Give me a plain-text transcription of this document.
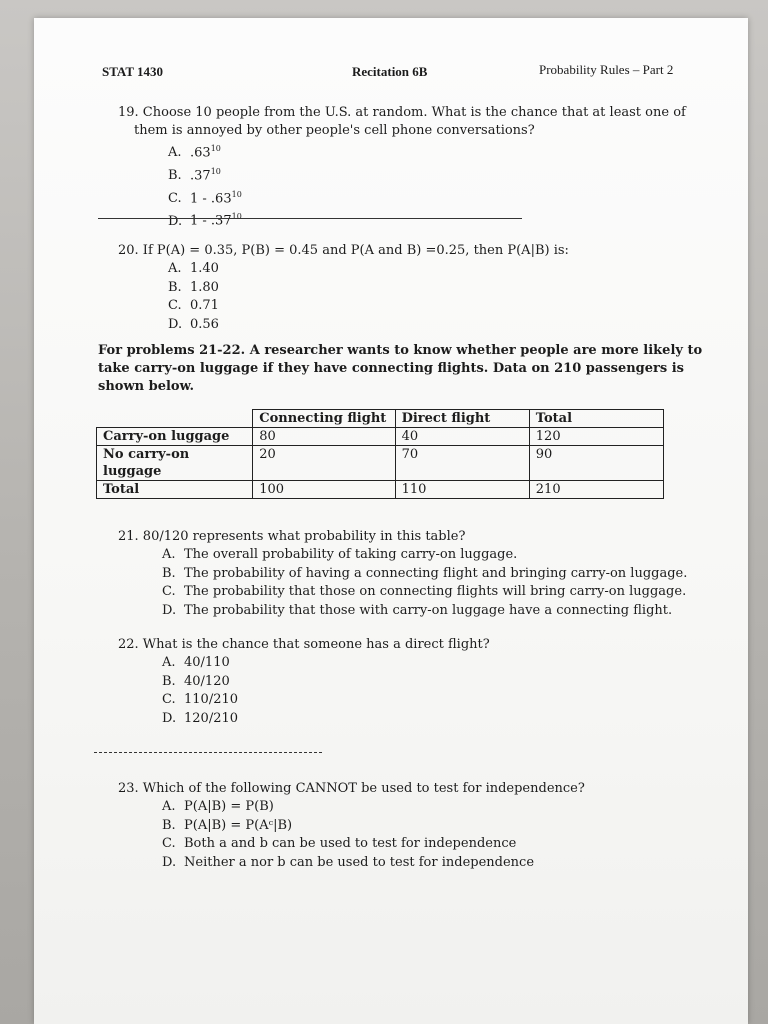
STAT 1430	Recitation 6B	Probability Rules – Part 2
19. Choose 10 people from the U.S. at random. What is the chance that at least one of
them is annoyed by other people's cell phone conversations?
A. $.63^{10}$
B. $.37^{10}$
C. $1 - .63^{10}$
D. $1 - .37^{10}$
20. If P(A) = 0.35, P(B) = 0.45 and P(A and B) =0.25, then P(A|B) is:
A. 1.40
B. 1.80
C. 0.71
D. 0.56
For problems 21-22. A researcher wants to know whether people are more likely to
take carry-on luggage if they have connecting flights. Data on 210 passengers is
shown below.
	Connecting flight	Direct flight	Total
Carry-on luggage	80	40	120
No carry-on
luggage	20	70	90
Total	100	110	210
21. 80/120 represents what probability in this table?
A. The overall probability of taking carry-on luggage.
B. The probability of having a connecting flight and bringing carry-on luggage.
C. The probability that those on connecting flights will bring carry-on luggage.
D. The probability that those with carry-on luggage have a connecting flight.
22. What is the chance that someone has a direct flight?
A. 40/110
B. 40/120
C. 110/210
D. 120/210
23. Which of the following CANNOT be used to test for independence?
A. P(A|B) = P(B)
B. P(A|B) = P(Aᶜ|B)
C. Both a and b can be used to test for independence
D. Neither a nor b can be used to test for independence
